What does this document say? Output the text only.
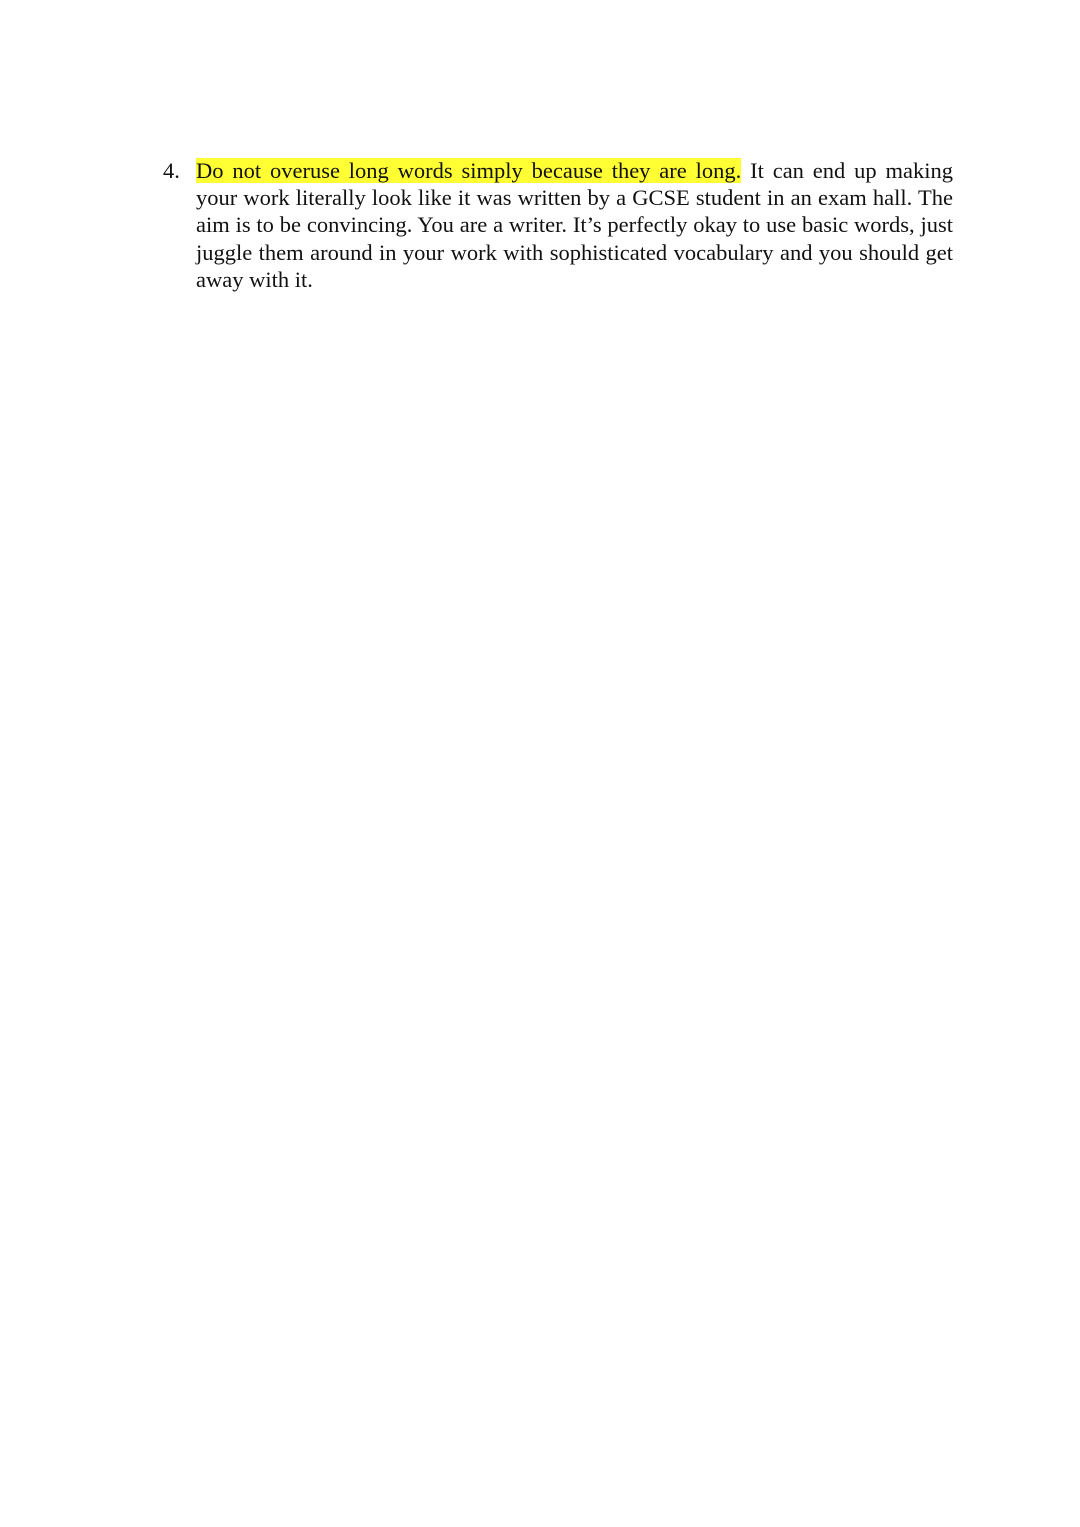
4. Do not overuse long words simply because they are long. It can end up making your work literally look like it was written by a GCSE student in an exam hall. The aim is to be convincing. You are a writer. It’s perfectly okay to use basic words, just juggle them around in your work with sophisticated vocabulary and you should get away with it.
